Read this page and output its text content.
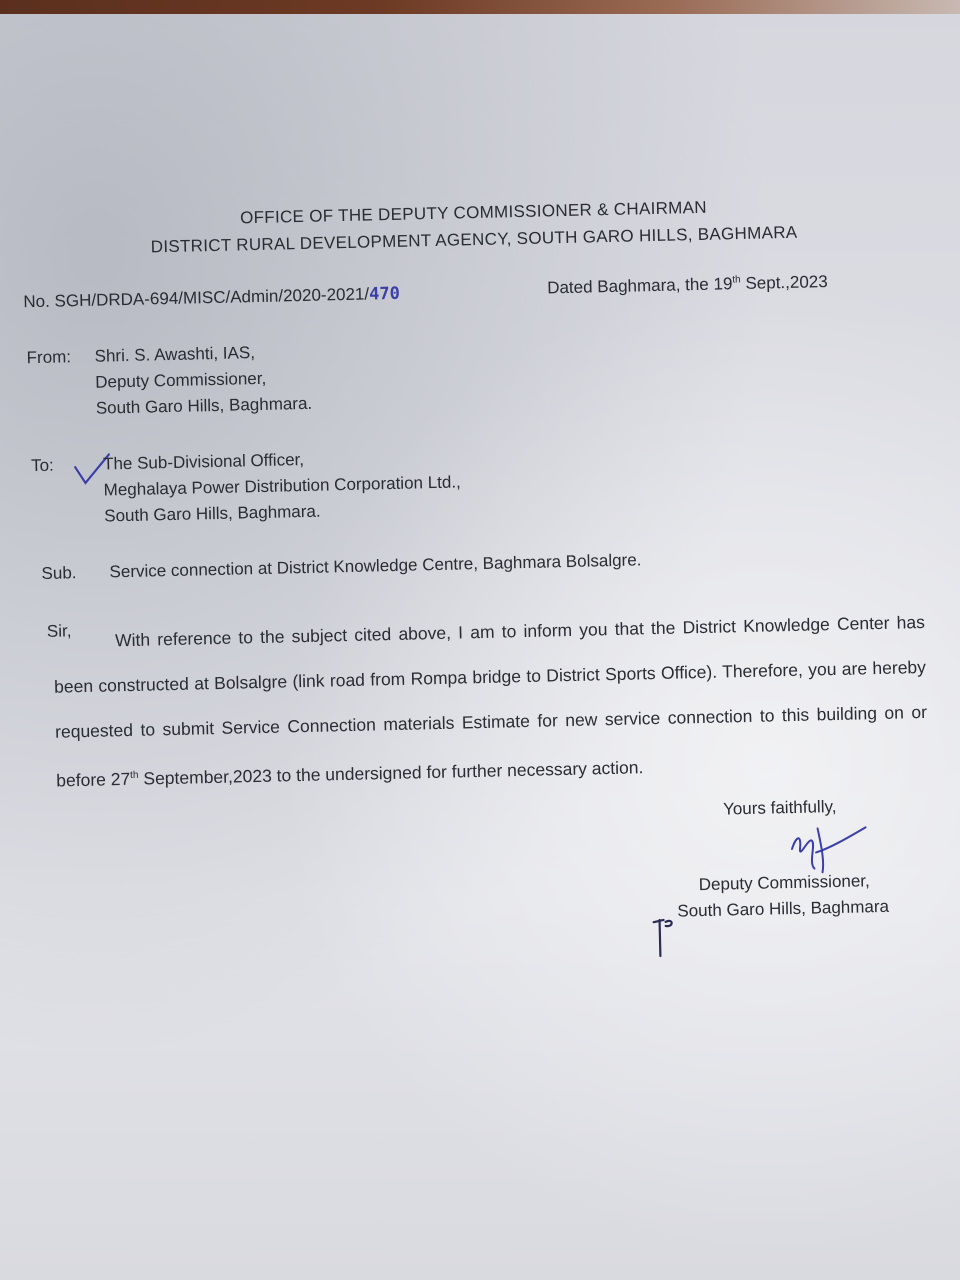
OFFICE OF THE DEPUTY COMMISSIONER & CHAIRMAN
DISTRICT RURAL DEVELOPMENT AGENCY, SOUTH GARO HILLS, BAGHMARA
No. SGH/DRDA-694/MISC/Admin/2020-2021/470	Dated Baghmara, the 19th Sept.,2023
From: Shri. S. Awashti, IAS,
Deputy Commissioner,
South Garo Hills, Baghmara.
To:	The Sub-Divisional Officer,
Meghalaya Power Distribution Corporation Ltd.,
South Garo Hills, Baghmara.
Sub. Service connection at District Knowledge Centre, Baghmara Bolsalgre.
Sir,	With reference to the subject cited above, I am to inform you that the District Knowledge Center has been constructed at Bolsalgre (link road from Rompa bridge to District Sports Office). Therefore, you are hereby requested to submit Service Connection materials Estimate for new service connection to this building on or before 27th September,2023 to the undersigned for further necessary action.
Yours faithfully,
Deputy Commissioner,
South Garo Hills, Baghmara
